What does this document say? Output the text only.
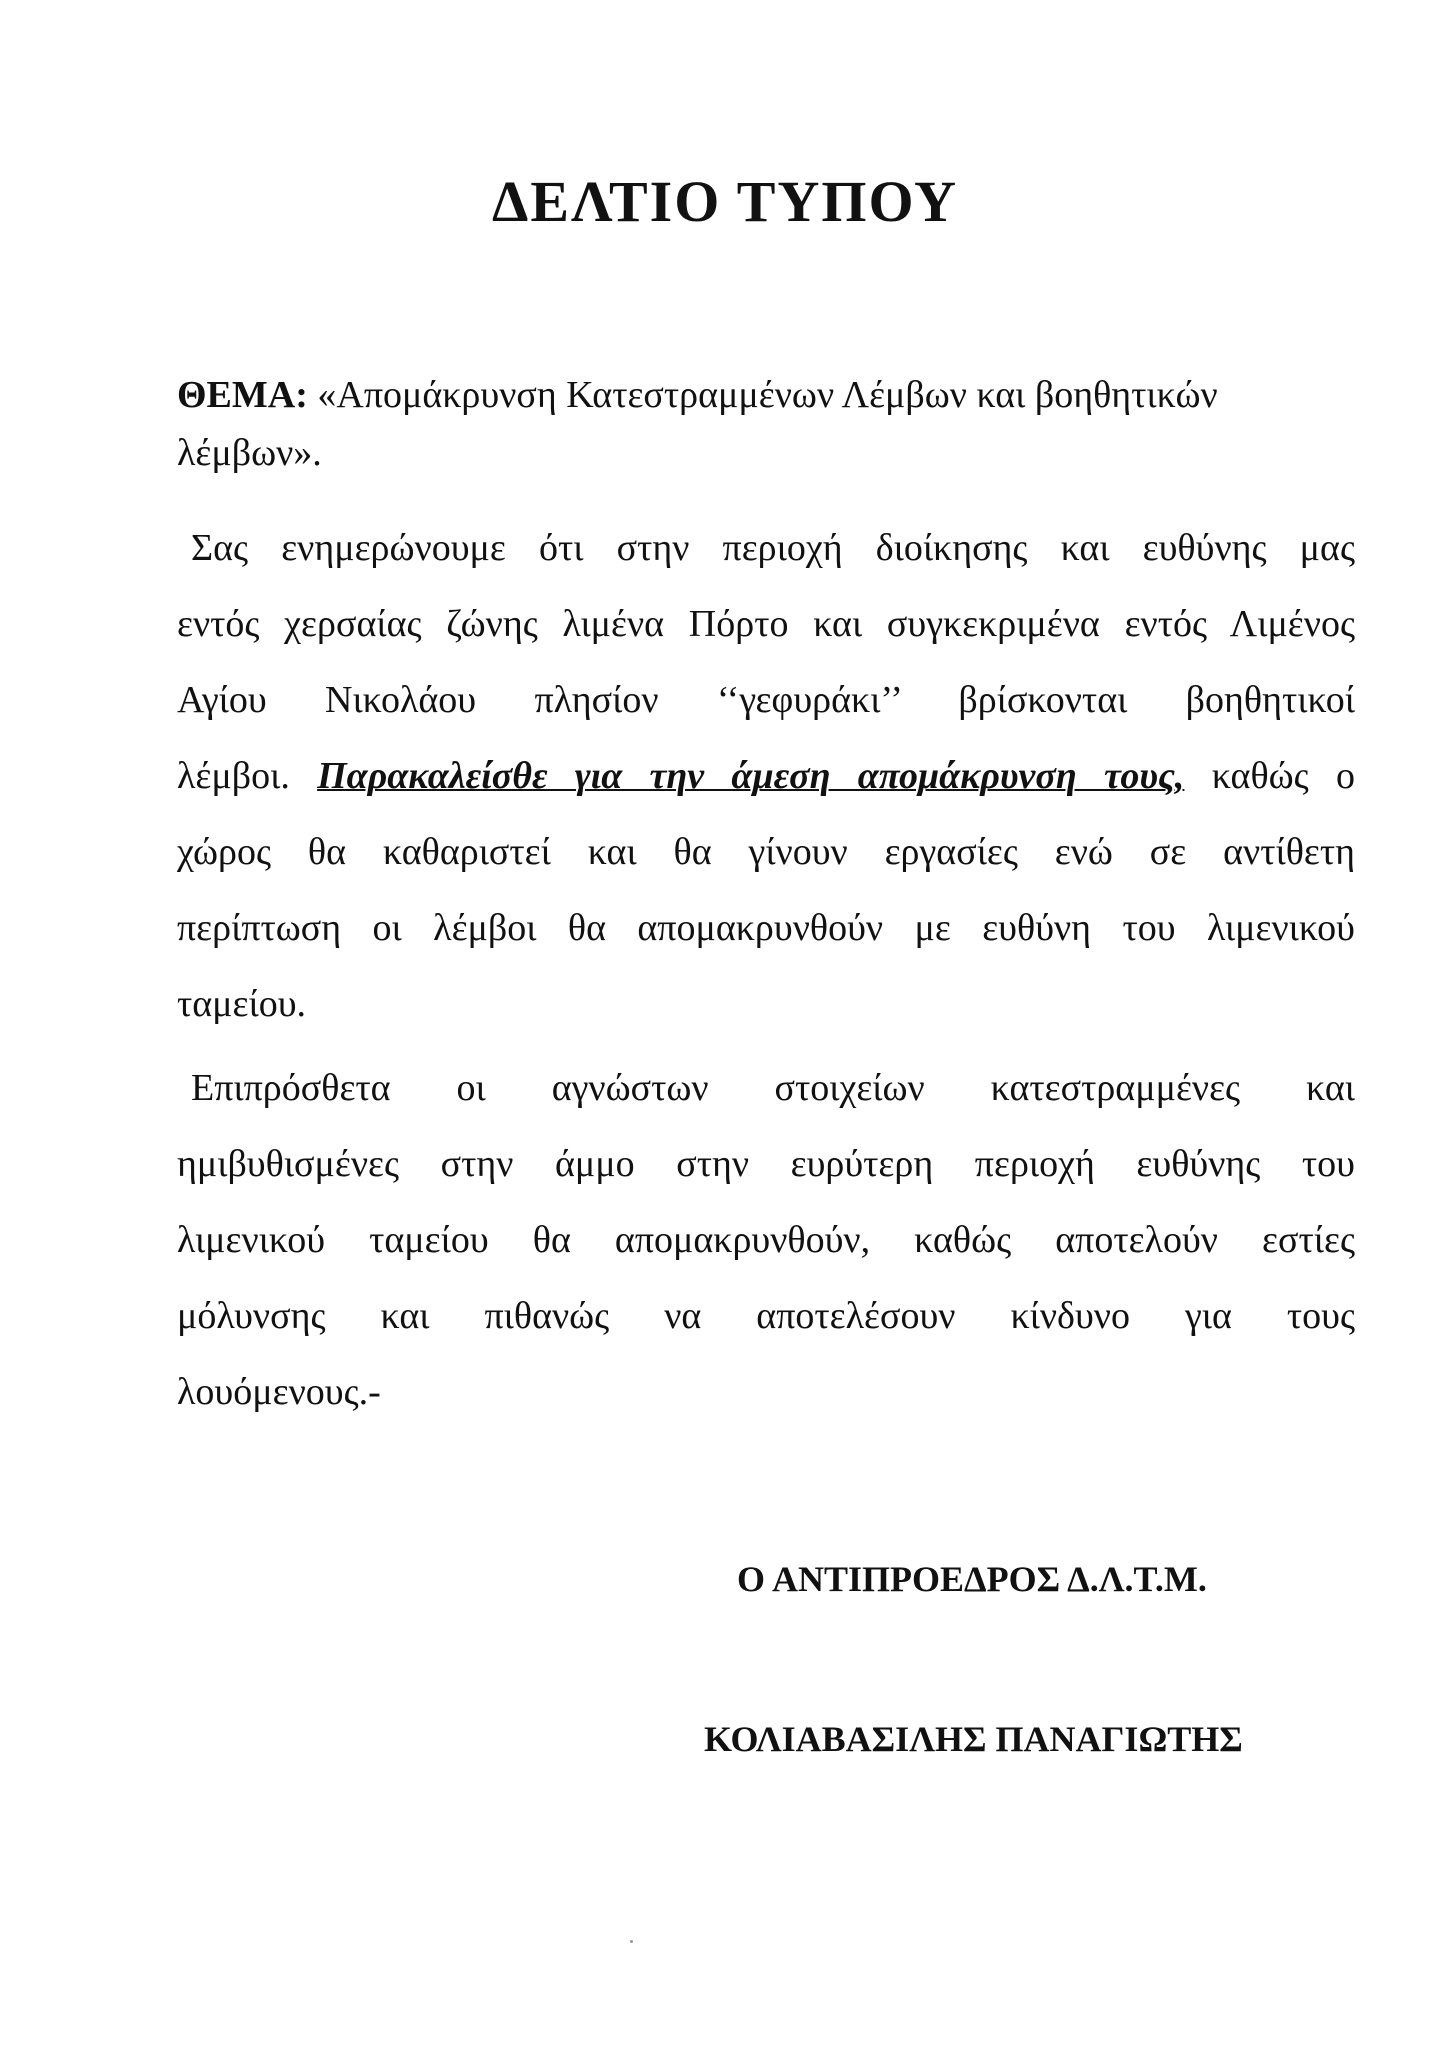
ΔΕΛΤΙΟ ΤΥΠΟΥ
ΘΕΜΑ: «Απομάκρυνση Κατεστραμμένων Λέμβων και βοηθητικών
λέμβων».
Σας ενημερώνουμε ότι στην περιοχή διοίκησης και ευθύνης μας
εντός χερσαίας ζώνης λιμένα Πόρτο και συγκεκριμένα εντός Λιμένος
Αγίου Νικολάου πλησίον ‘‘γεφυράκι’’ βρίσκονται βοηθητικοί
λέμβοι. Παρακαλείσθε για την άμεση απομάκρυνση τους, καθώς ο
χώρος θα καθαριστεί και θα γίνουν εργασίες ενώ σε αντίθετη
περίπτωση οι λέμβοι θα απομακρυνθούν με ευθύνη του λιμενικού
ταμείου.
Επιπρόσθετα οι αγνώστων στοιχείων κατεστραμμένες και
ημιβυθισμένες στην άμμο στην ευρύτερη περιοχή ευθύνης του
λιμενικού ταμείου θα απομακρυνθούν, καθώς αποτελούν εστίες
μόλυνσης και πιθανώς να αποτελέσουν κίνδυνο για τους
λουόμενους.-

Ο ΑΝΤΙΠΡΟΕΔΡΟΣ Δ.Λ.Τ.Μ.

ΚΟΛΙΑΒΑΣΙΛΗΣ ΠΑΝΑΓΙΩΤΗΣ
